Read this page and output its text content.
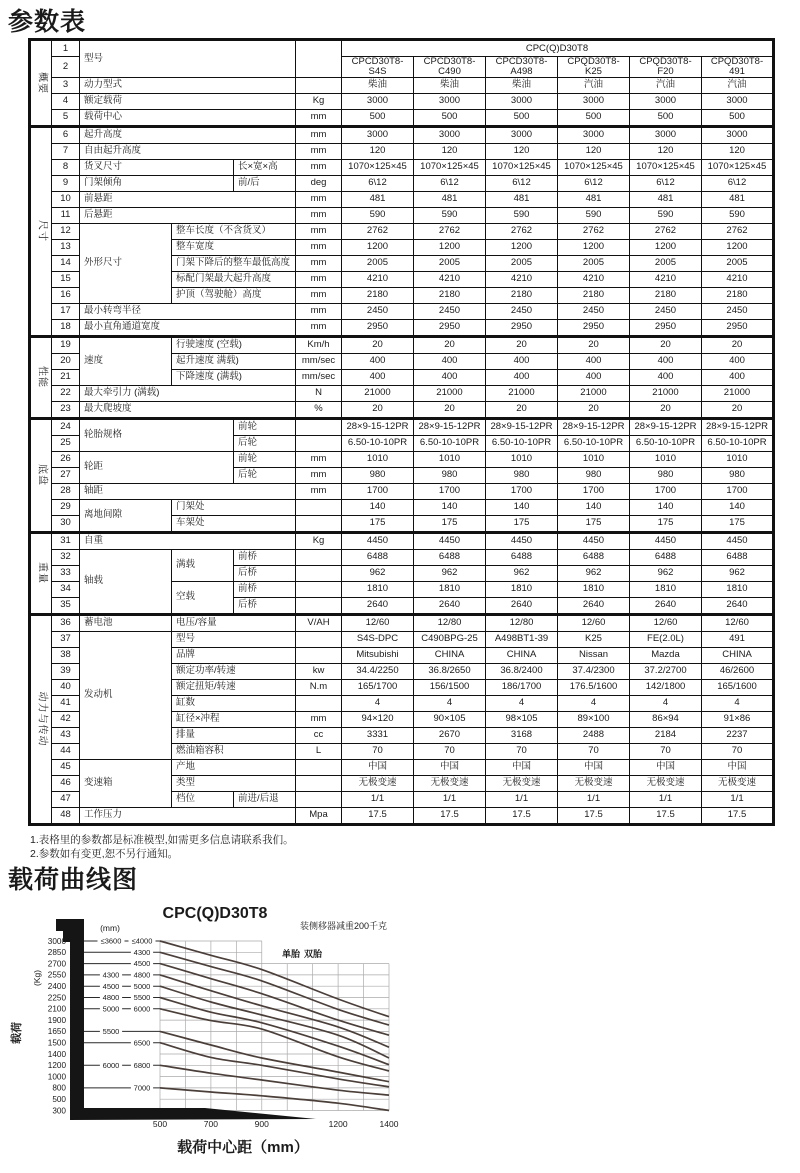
参数表
概要	1	型号				CPC(Q)D30T8					
	2					CPCD30T8-S4S	CPCD30T8-C490	CPCD30T8-A498	CPQD30T8-K25	CPQD30T8-F20	CPQD30T8-491
	3	动力型式				柴油	柴油	柴油	汽油	汽油	汽油
	4	额定载荷			Kg	3000	3000	3000	3000	3000	3000
	5	载荷中心			mm	500	500	500	500	500	500

尺寸	6	起升高度			mm	3000	3000	3000	3000	3000	3000
	7	自由起升高度			mm	120	120	120	120	120	120
	8	货叉尺寸		长×宽×高	mm	1070×125×45	1070×125×45	1070×125×45	1070×125×45	1070×125×45	1070×125×45
	9	门架倾角		前/后	deg	6\12	6\12	6\12	6\12	6\12	6\12
	10	前悬距			mm	481	481	481	481	481	481
	11	后悬距			mm	590	590	590	590	590	590
	12	外形尺寸	整车长度（不含货叉）		mm	2762	2762	2762	2762	2762	2762
	13		整车宽度		mm	1200	1200	1200	1200	1200	1200
	14		门架下降后的整车最低高度		mm	2005	2005	2005	2005	2005	2005
	15		标配门架最大起升高度		mm	4210	4210	4210	4210	4210	4210
	16		护顶（驾驶舱）高度		mm	2180	2180	2180	2180	2180	2180
	17	最小转弯半径			mm	2450	2450	2450	2450	2450	2450
	18	最小直角通道宽度			mm	2950	2950	2950	2950	2950	2950

性能	19	速度	行驶速度 (空载)		Km/h	20	20	20	20	20	20
	20		起升速度 满载)		mm/sec	400	400	400	400	400	400
	21		下降速度 (满载)		mm/sec	400	400	400	400	400	400
	22	最大牵引力 (满载)			N	21000	21000	21000	21000	21000	21000
	23	最大爬坡度			%	20	20	20	20	20	20

底盘	24	轮胎规格		前轮		28×9-15-12PR	28×9-15-12PR	28×9-15-12PR	28×9-15-12PR	28×9-15-12PR	28×9-15-12PR
	25			后轮		6.50-10-10PR	6.50-10-10PR	6.50-10-10PR	6.50-10-10PR	6.50-10-10PR	6.50-10-10PR
	26	轮距		前轮	mm	1010	1010	1010	1010	1010	1010
	27			后轮	mm	980	980	980	980	980	980
	28	轴距			mm	1700	1700	1700	1700	1700	1700
	29	离地间隙	门架处			140	140	140	140	140	140
	30		车架处			175	175	175	175	175	175

重量	31	自重			Kg	4450	4450	4450	4450	4450	4450
	32	轴载	满载	前桥		6488	6488	6488	6488	6488	6488
	33			后桥		962	962	962	962	962	962
	34		空载	前桥		1810	1810	1810	1810	1810	1810
	35			后桥		2640	2640	2640	2640	2640	2640

动力与传动	36	蓄电池	电压/容量		V/AH	12/60	12/80	12/80	12/60	12/60	12/60
	37	发动机	型号			S4S-DPC	C490BPG-25	A498BT1-39	K25	FE(2.0L)	491
	38		品牌			Mitsubishi	CHINA	CHINA	Nissan	Mazda	CHINA
	39		额定功率/转速		kw	34.4/2250	36.8/2650	36.8/2400	37.4/2300	37.2/2700	46/2600
	40		额定扭矩/转速		N.m	165/1700	156/1500	186/1700	176.5/1600	142/1800	165/1600
	41		缸数			4	4	4	4	4	4
	42		缸径×冲程		mm	94×120	90×105	98×105	89×100	86×94	91×86
	43		排量		cc	3331	2670	3168	2488	2184	2237
	44		燃油箱容积		L	70	70	70	70	70	70
	45	变速箱	产地			中国	中国	中国	中国	中国	中国
	46		类型			无极变速	无极变速	无极变速	无极变速	无极变速	无极变速
	47		档位	前进/后退		1/1	1/1	1/1	1/1	1/1	1/1
	48	工作压力			Mpa	17.5	17.5	17.5	17.5	17.5	17.5
1.表格里的参数都是标准模型,如需更多信息请联系我们。
2.参数如有变更,恕不另行通知。
载荷曲线图
3000
2850
2700
2550
2400
2250
2100
1900
1650
1500
1400
1200
1000
800
500
300
500	700	900	1200	1400
≤3600 ≤4000
4300
4500
4300 4800
4500 5000
4800 5500
5000 6000
5500
6500
6000 6800
7000
(mm)
CPC(Q)D30T8
装侧移器减重200千克
单胎 双胎
(Kg)
载荷
载荷中心距（mm）
